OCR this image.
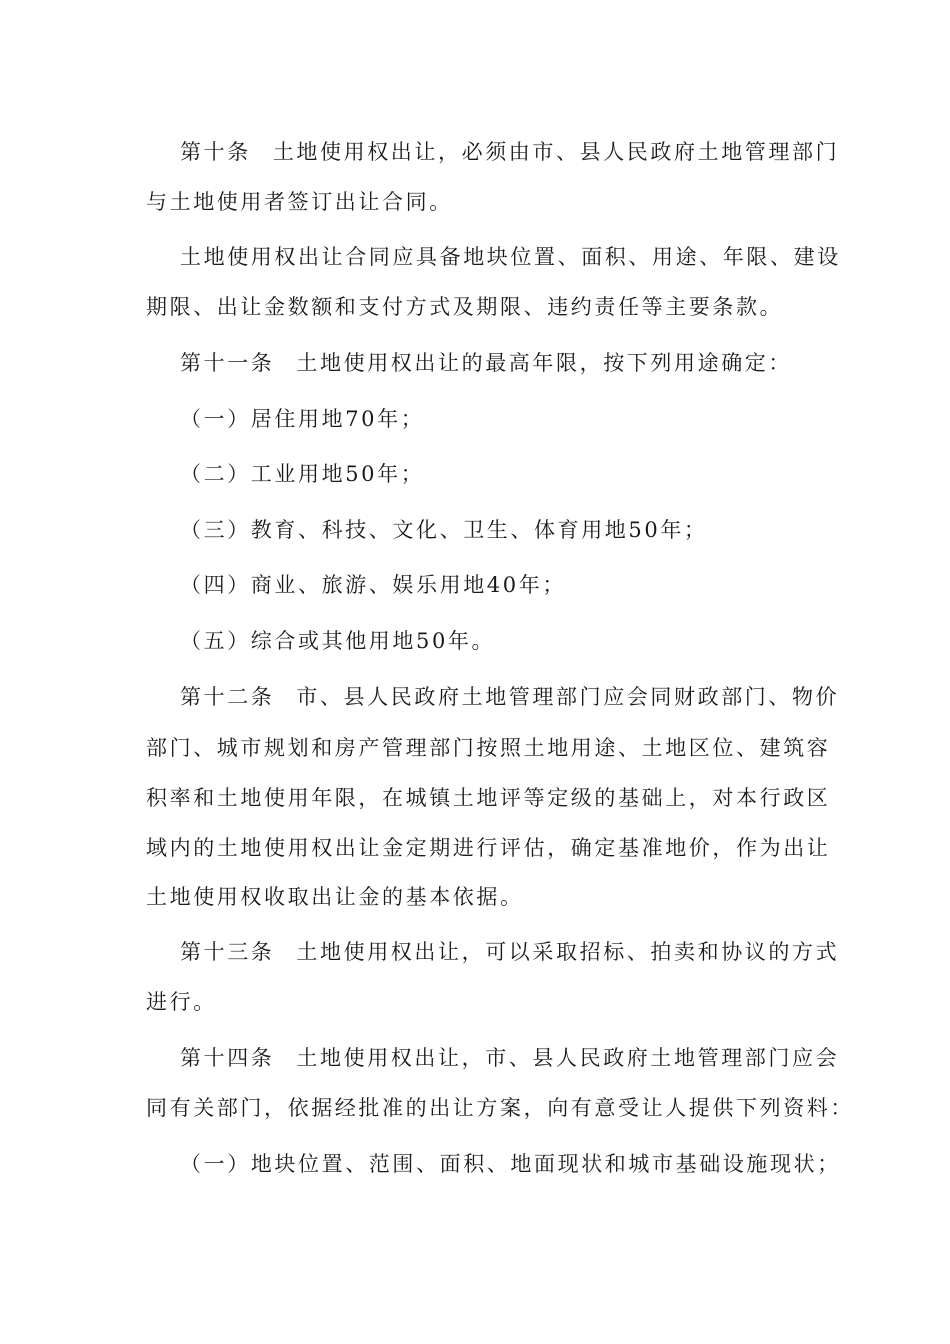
第十条 土地使用权出让，必须由市、县人民政府土地管理部门
与土地使用者签订出让合同。
土地使用权出让合同应具备地块位置、面积、用途、年限、建设
期限、出让金数额和支付方式及期限、违约责任等主要条款。
第十一条 土地使用权出让的最高年限，按下列用途确定：
（一）居住用地70年；
（二）工业用地50年；
（三）教育、科技、文化、卫生、体育用地50年；
（四）商业、旅游、娱乐用地40年；
（五）综合或其他用地50年。
第十二条 市、县人民政府土地管理部门应会同财政部门、物价
部门、城市规划和房产管理部门按照土地用途、土地区位、建筑容
积率和土地使用年限，在城镇土地评等定级的基础上，对本行政区
域内的土地使用权出让金定期进行评估，确定基准地价，作为出让
土地使用权收取出让金的基本依据。
第十三条 土地使用权出让，可以采取招标、拍卖和协议的方式
进行。
第十四条 土地使用权出让，市、县人民政府土地管理部门应会
同有关部门，依据经批准的出让方案，向有意受让人提供下列资料：
（一）地块位置、范围、面积、地面现状和城市基础设施现状；
